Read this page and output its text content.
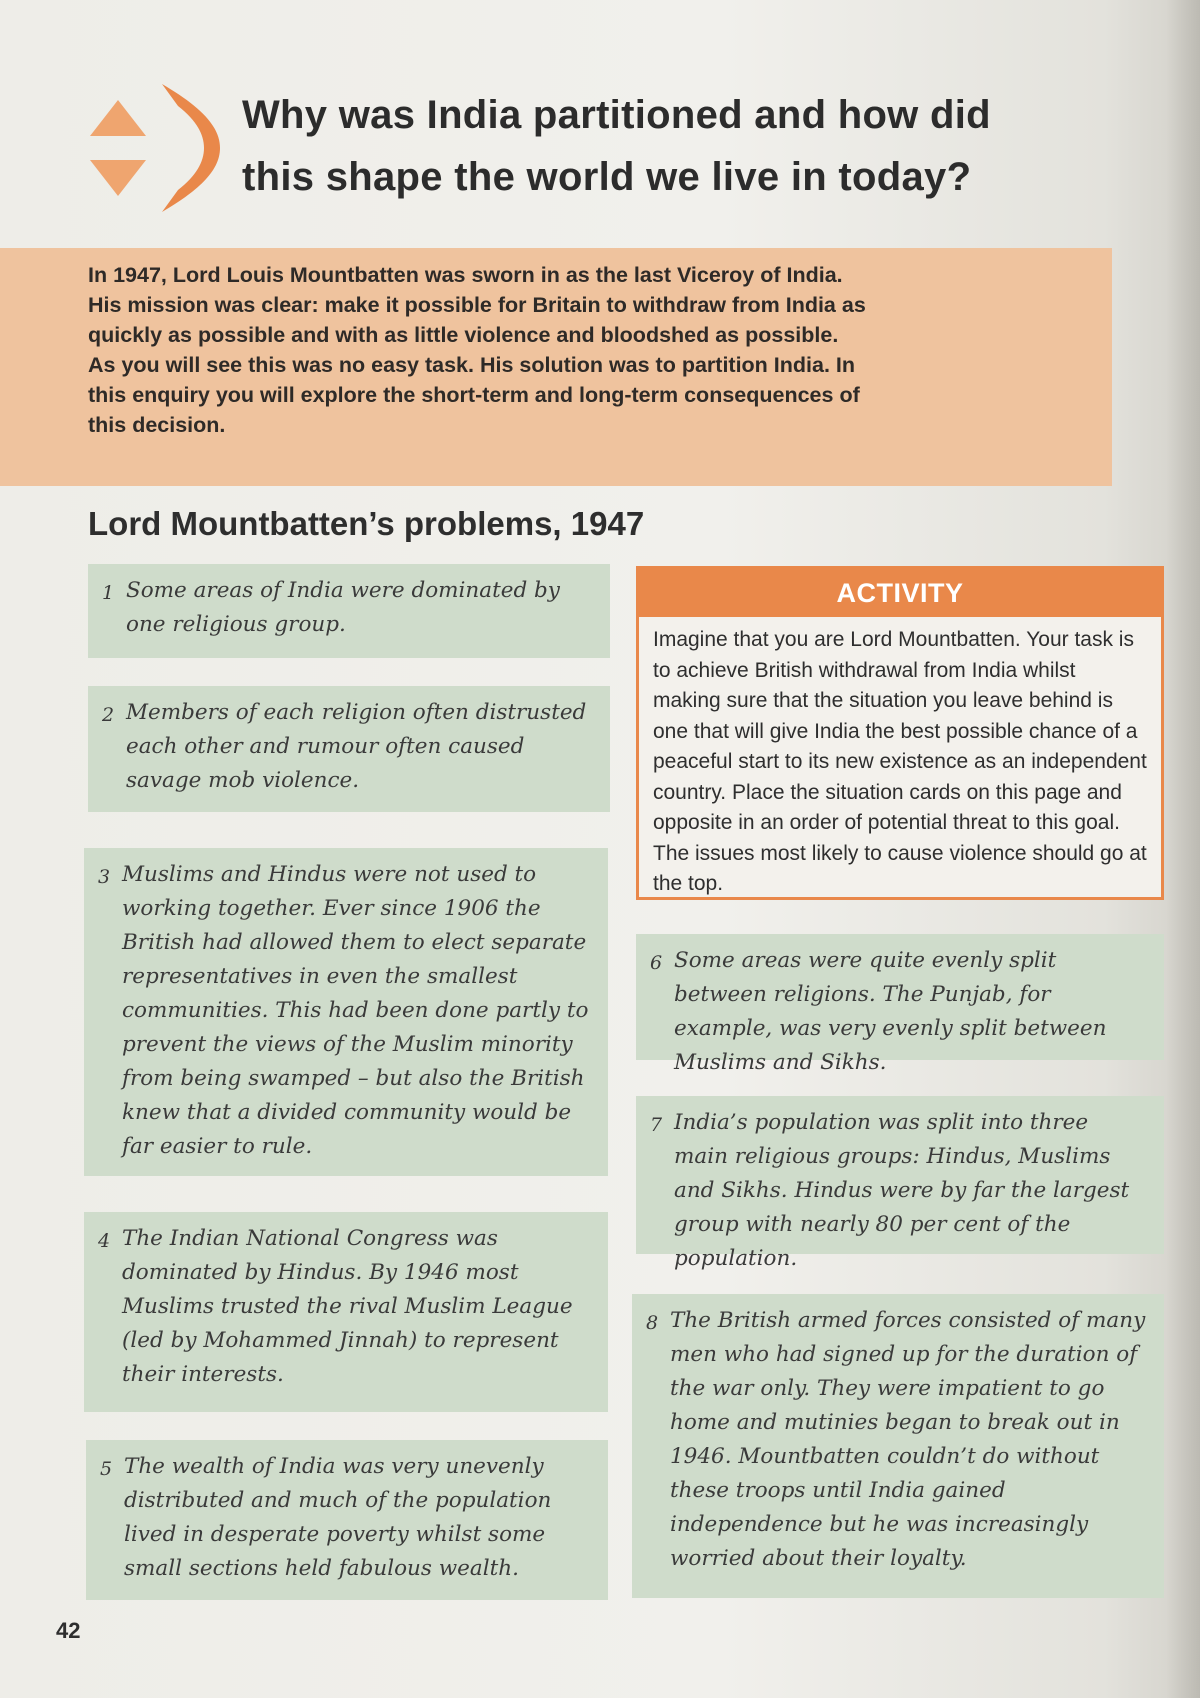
Why was India partitioned and how did
this shape the world we live in today?

In 1947, Lord Louis Mountbatten was sworn in as the last Viceroy of India. His mission was clear: make it possible for Britain to withdraw from India as quickly as possible and with as little violence and bloodshed as possible. As you will see this was no easy task. His solution was to partition India. In this enquiry you will explore the short-term and long-term consequences of this decision.

Lord Mountbatten’s problems, 1947
1 Some areas of India were dominated by one religious group.
2 Members of each religion often distrusted each other and rumour often caused savage mob violence.
3 Muslims and Hindus were not used to working together. Ever since 1906 the British had allowed them to elect separate representatives in even the smallest communities. This had been done partly to prevent the views of the Muslim minority from being swamped – but also the British knew that a divided community would be far easier to rule.
4 The Indian National Congress was dominated by Hindus. By 1946 most Muslims trusted the rival Muslim League (led by Mohammed Jinnah) to represent their interests.
5 The wealth of India was very unevenly distributed and much of the population lived in desperate poverty whilst some small sections held fabulous wealth.
ACTIVITY

Imagine that you are Lord Mountbatten. Your task is to achieve British withdrawal from India whilst making sure that the situation you leave behind is one that will give India the best possible chance of a peaceful start to its new existence as an independent country. Place the situation cards on this page and opposite in an order of potential threat to this goal. The issues most likely to cause violence should go at the top.

6 Some areas were quite evenly split between religions. The Punjab, for example, was very evenly split between Muslims and Sikhs.
7 India’s population was split into three main religious groups: Hindus, Muslims and Sikhs. Hindus were by far the largest group with nearly 80 per cent of the population.
8 The British armed forces consisted of many men who had signed up for the duration of the war only. They were impatient to go home and mutinies began to break out in 1946. Mountbatten couldn’t do without these troops until India gained independence but he was increasingly worried about their loyalty.

42
